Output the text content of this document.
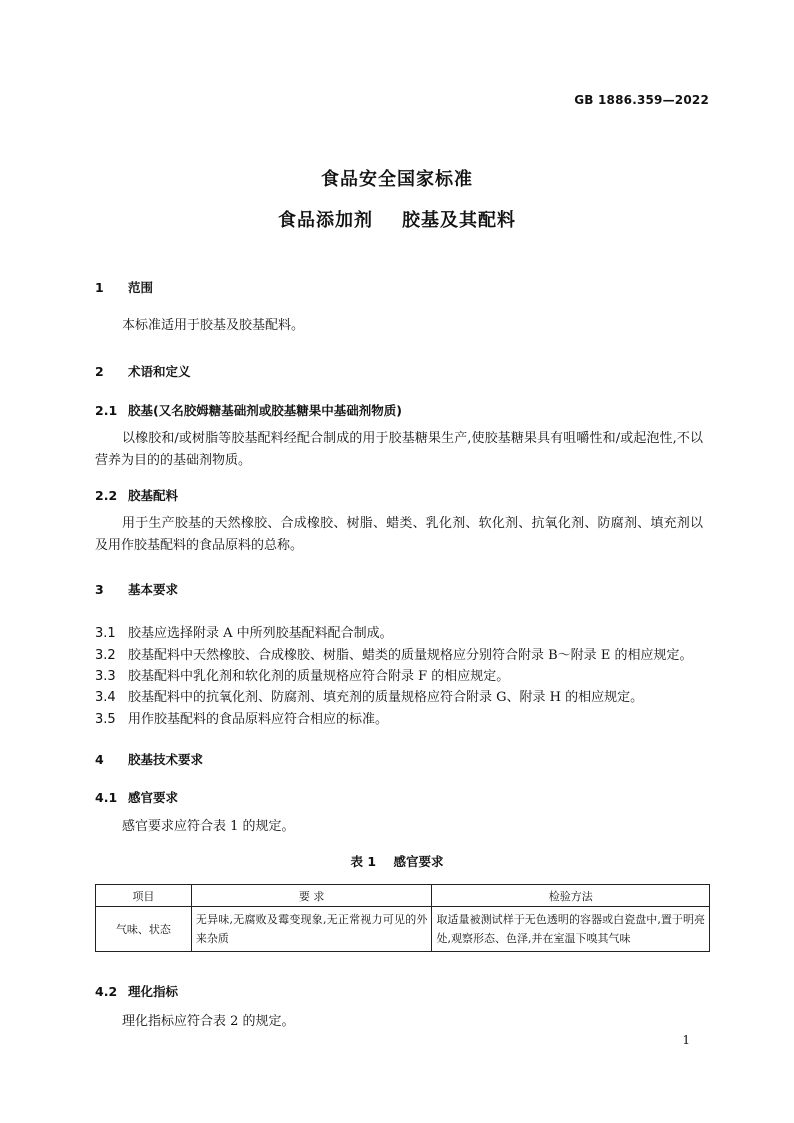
GB 1886.359—2022
食品安全国家标准
食品添加剂    胶基及其配料
1 范围
本标准适用于胶基及胶基配料。
2 术语和定义
2.1 胶基(又名胶姆糖基础剂或胶基糖果中基础剂物质)
以橡胶和/或树脂等胶基配料经配合制成的用于胶基糖果生产,使胶基糖果具有咀嚼性和/或起泡性,不以营养为目的的基础剂物质。
2.2 胶基配料
用于生产胶基的天然橡胶、合成橡胶、树脂、蜡类、乳化剂、软化剂、抗氧化剂、防腐剂、填充剂以及用作胶基配料的食品原料的总称。
3 基本要求
3.1 胶基应选择附录 A 中所列胶基配料配合制成。
3.2 胶基配料中天然橡胶、合成橡胶、树脂、蜡类的质量规格应分别符合附录 B～附录 E 的相应规定。
3.3 胶基配料中乳化剂和软化剂的质量规格应符合附录 F 的相应规定。
3.4 胶基配料中的抗氧化剂、防腐剂、填充剂的质量规格应符合附录 G、附录 H 的相应规定。
3.5 用作胶基配料的食品原料应符合相应的标准。
4 胶基技术要求
4.1 感官要求
感官要求应符合表 1 的规定。
表 1    感官要求
项目	要 求	检验方法
气味、状态	无异味,无腐败及霉变现象,无正常视力可见的外来杂质	取适量被测试样于无色透明的容器或白瓷盘中,置于明亮处,观察形态、色泽,并在室温下嗅其气味
4.2 理化指标
理化指标应符合表 2 的规定。
1
